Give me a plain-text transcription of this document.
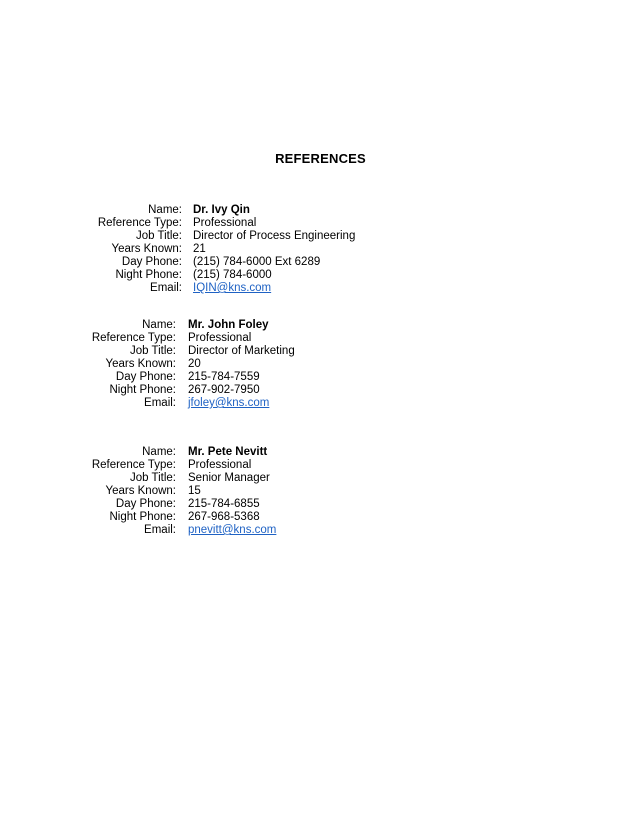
REFERENCES
Name:
Reference Type:
Job Title:
Years Known:
Day Phone:
Night Phone:
Email:
Dr. Ivy Qin
Professional
Director of Process Engineering
21
(215) 784-6000 Ext 6289
(215) 784-6000
IQIN@kns.com
Name:
Reference Type:
Job Title:
Years Known:
Day Phone:
Night Phone:
Email:
Mr. John Foley
Professional
Director of Marketing
20
215-784-7559
267-902-7950
jfoley@kns.com
Name:
Reference Type:
Job Title:
Years Known:
Day Phone:
Night Phone:
Email:
Mr. Pete Nevitt
Professional
Senior Manager
15
215-784-6855
267-968-5368
pnevitt@kns.com
